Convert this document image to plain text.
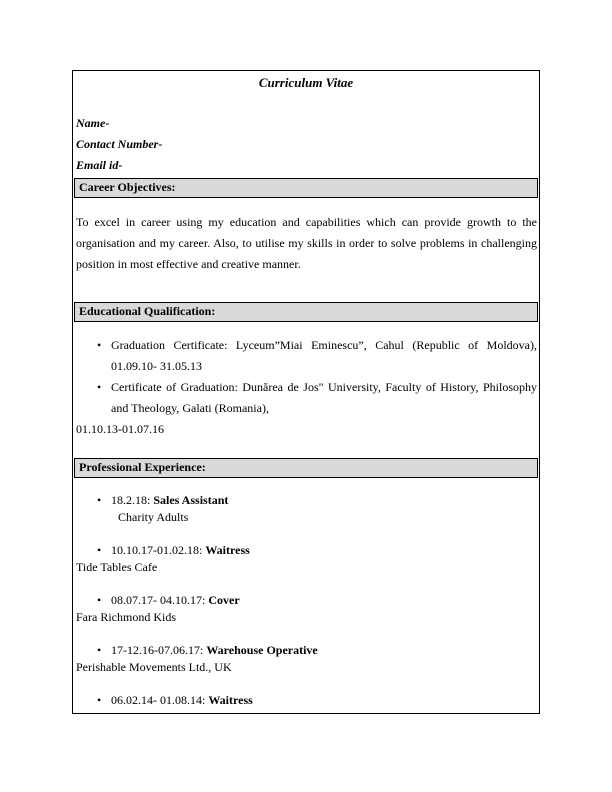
Curriculum Vitae
Name-
Contact Number-
Email id-
Career Objectives:
To excel in career using my education and capabilities which can provide growth to the organisation and my career. Also, to utilise my skills in order to solve problems in challenging position in most effective and creative manner.
Educational Qualification:
• Graduation Certificate: Lyceum”Miai Eminescu”, Cahul (Republic of Moldova), 01.09.10- 31.05.13
• Certificate of Graduation: Dunărea de Jos" University, Faculty of History, Philosophy and Theology, Galati (Romania),
01.10.13-01.07.16
Professional Experience:
• 18.2.18: Sales Assistant
Charity Adults
• 10.10.17-01.02.18: Waitress
Tide Tables Cafe
• 08.07.17- 04.10.17: Cover
Fara Richmond Kids
• 17-12.16-07.06.17: Warehouse Operative
Perishable Movements Ltd., UK
• 06.02.14- 01.08.14: Waitress
